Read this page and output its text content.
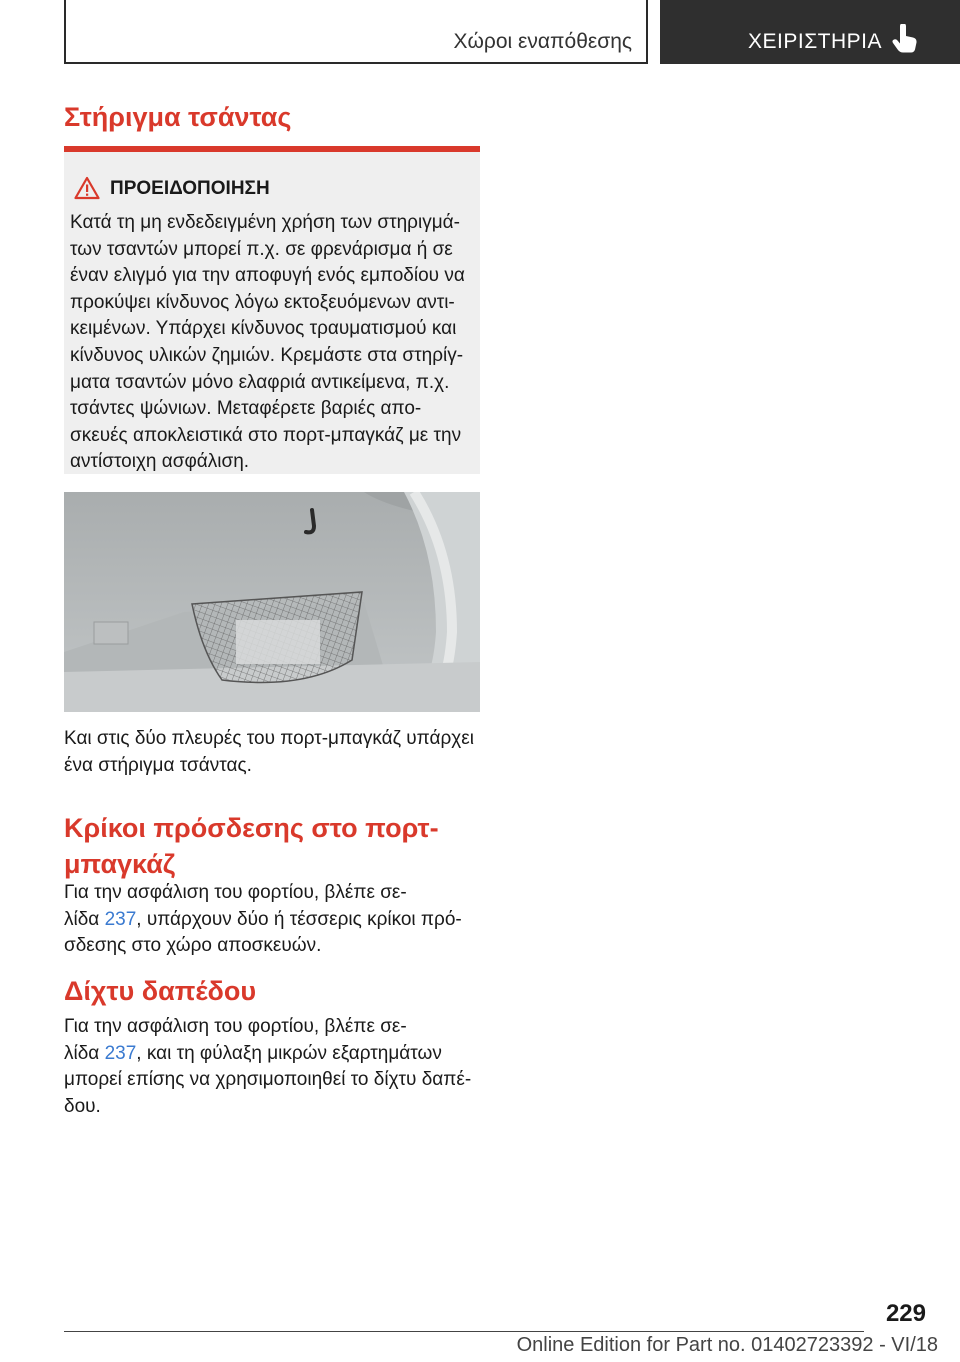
Χώροι εναπόθεσης	ΧΕΙΡΙΣΤΗΡΙΑ
Στήριγμα τσάντας
ΠΡΟΕΙΔΟΠΟΙΗΣΗ

Κατά τη μη ενδεδειγμένη χρήση των στηριγμά-
των τσαντών μπορεί π.χ. σε φρενάρισμα ή σε
έναν ελιγμό για την αποφυγή ενός εμποδίου να
προκύψει κίνδυνος λόγω εκτοξευόμενων αντι-
κειμένων. Υπάρχει κίνδυνος τραυματισμού και
κίνδυνος υλικών ζημιών. Κρεμάστε στα στηρίγ-
ματα τσαντών μόνο ελαφριά αντικείμενα, π.χ.
τσάντες ψώνιων. Μεταφέρετε βαριές απο-
σκευές αποκλειστικά στο πορτ-μπαγκάζ με την
αντίστοιχη ασφάλιση.

Και στις δύο πλευρές του πορτ-μπαγκάζ υπάρχει
ένα στήριγμα τσάντας.

Κρίκοι πρόσδεσης στο πορτ-
μπαγκάζ

Για την ασφάλιση του φορτίου, βλέπε σε-
λίδα 237, υπάρχουν δύο ή τέσσερις κρίκοι πρό-
σδεσης στο χώρο αποσκευών.

Δίχτυ δαπέδου

Για την ασφάλιση του φορτίου, βλέπε σε-
λίδα 237, και τη φύλαξη μικρών εξαρτημάτων
μπορεί επίσης να χρησιμοποιηθεί το δίχτυ δαπέ-
δου.

229
Online Edition for Part no. 01402723392 - VI/18
